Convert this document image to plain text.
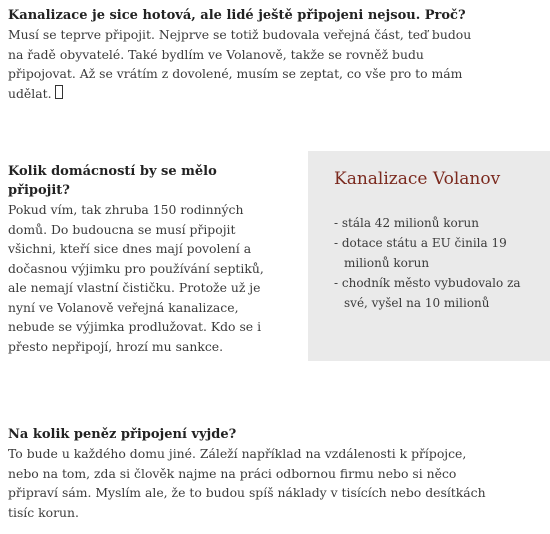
Kanalizace je sice hotová, ale lidé ještě připojeni nejsou. Proč?

Musí se teprve připojit. Nejprve se totiž budovala veřejná část, teď budou na řadě obyvatelé. Také bydlím ve Volanově, takže se rovněž budu připojovat. Až se vrátím z dovolené, musím se zeptat, co vše pro to mám udělat.

Kolik domácností by se mělo připojit?

Pokud vím, tak zhruba 150 rodinných domů. Do budoucna se musí připojit všichni, kteří sice dnes mají povolení a dočasnou výjimku pro používání septiků, ale nemají vlastní čističku. Protože už je nyní ve Volanově veřejná kanalizace, nebude se výjimka prodlužovat. Kdo se i přesto nepřipojí, hrozí mu sankce.

Na kolik peněz připojení vyjde?

To bude u každého domu jiné. Záleží například na vzdálenosti k přípojce, nebo na tom, zda si člověk najme na práci odbornou firmu nebo si něco připraví sám. Myslím ale, že to budou spíš náklady v tisících nebo desítkách tisíc korun.

Kanalizace Volanov
- stála 42 milionů korun
- dotace státu a EU činila 19 milionů korun
- chodník město vybudovalo za své, vyšel na 10 milionů
